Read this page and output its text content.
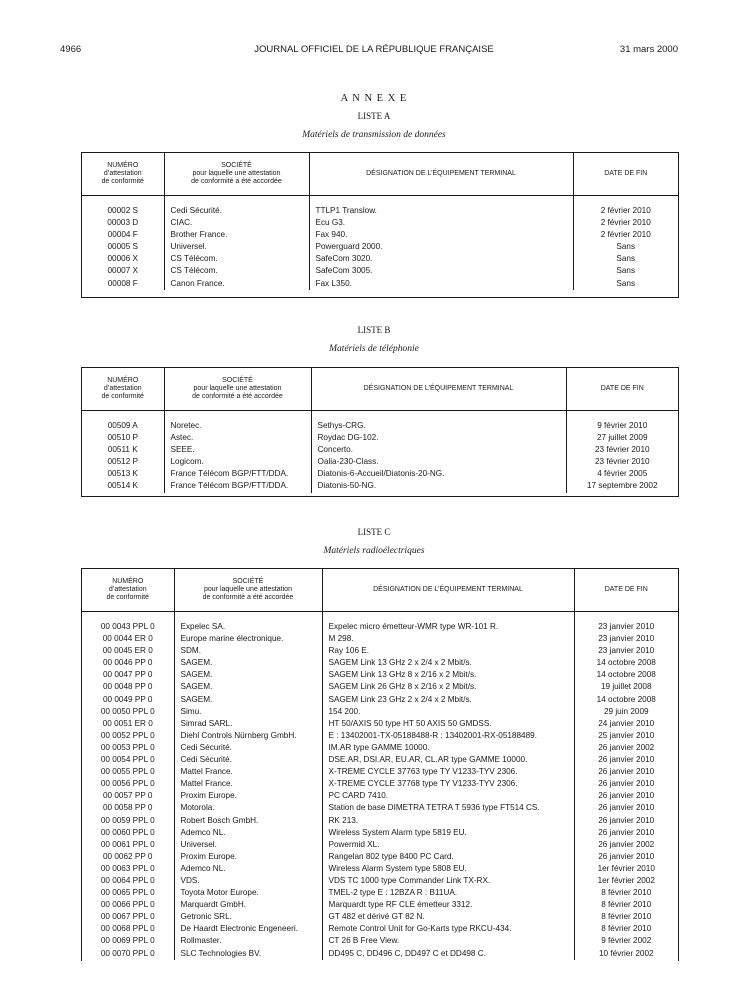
4966	JOURNAL OFFICIEL DE LA RÉPUBLIQUE FRANÇAISE	31 mars 2000
A N N E X E
LISTE A
Matériels de transmission de données
NUMÉRO
d’attestation
de conformité	SOCIÉTÉ
pour laquelle une attestation
de conformité a été accordée	DÉSIGNATION DE L’ÉQUIPEMENT TERMINAL	DATE DE FIN

00002 S	Cedi Sécurité.	TTLP1 Translow.	2 février 2010
00003 D	CIAC.	Ecu G3.	2 février 2010
00004 F	Brother France.	Fax 940.	2 février 2010
00005 S	Universel.	Powerguard 2000.	Sans
00006 X	CS Télécom.	SafeCom 3020.	Sans
00007 X	CS Télécom.	SafeCom 3005.	Sans
00008 F	Canon France.	Fax L350.	Sans
LISTE B
Matériels de téléphonie
NUMÉRO
d’attestation
de conformité	SOCIÉTÉ
pour laquelle une attestation
de conformité a été accordée	DÉSIGNATION DE L’ÉQUIPEMENT TERMINAL	DATE DE FIN

00509 A	Noretec.	Sethys-CRG.	9 février 2010
00510 P	Astec.	Roydac DG-102.	27 juillet 2009
00511 K	SEEE.	Concerto.	23 février 2010
00512 P	Logicom.	Oalia-230-Class.	23 février 2010
00513 K	France Télécom BGP/FTT/DDA.	Diatonis-6-Accueil/Diatonis-20-NG.	4 février 2005
00514 K	France Télécom BGP/FTT/DDA.	Diatonis-50-NG.	17 septembre 2002
LISTE C
Matériels radioélectriques
NUMÉRO
d’attestation
de conformité	SOCIÉTÉ
pour laquelle une attestation
de conformité a été accordée	DÉSIGNATION DE L’ÉQUIPEMENT TERMINAL	DATE DE FIN

00 0043 PPL 0	Expelec SA.	Expelec micro émetteur-WMR type WR-101 R.	23 janvier 2010
00 0044 ER 0	Europe marine électronique.	M 298.	23 janvier 2010
00 0045 ER 0	SDM.	Ray 106 E.	23 janvier 2010
00 0046 PP 0	SAGEM.	SAGEM Link 13 GHz 2 x 2/4 x 2 Mbit/s.	14 octobre 2008
00 0047 PP 0	SAGEM.	SAGEM Link 13 GHz 8 x 2/16 x 2 Mbit/s.	14 octobre 2008
00 0048 PP 0	SAGEM.	SAGEM Link 26 GHz 8 x 2/16 x 2 Mbit/s.	19 juillet 2008
00 0049 PP 0	SAGEM.	SAGEM Link 23 GHz 2 x 2/4 x 2 Mbit/s.	14 octobre 2008
00 0050 PPL 0	Simu.	154 200.	29 juin 2009
00 0051 ER 0	Simrad SARL.	HT 50/AXIS 50 type HT 50 AXIS 50 GMDSS.	24 janvier 2010
00 0052 PPL 0	Diehl Controls Nürnberg GmbH.	E : 13402001-TX-05188488-R : 13402001-RX-05188489.	25 janvier 2010
00 0053 PPL 0	Cedi Sécurité.	IM.AR type GAMME 10000.	26 janvier 2002
00 0054 PPL 0	Cedi Sécurité.	DSE.AR, DSI.AR, EU.AR, CL.AR type GAMME 10000.	26 janvier 2010
00 0055 PPL 0	Mattel France.	X-TREME CYCLE 37763 type TY V1233-TYV 2306.	26 janvier 2010
00 0056 PPL 0	Mattel France.	X-TREME CYCLE 37768 type TY V1233-TYV 2306.	26 janvier 2010
00 0057 PP 0	Proxim Europe.	PC CARD 7410.	26 janvier 2010
00 0058 PP 0	Motorola.	Station de base DIMETRA TETRA T 5936 type FT514 CS.	26 janvier 2010
00 0059 PPL 0	Robert Bosch GmbH.	RK 213.	26 janvier 2010
00 0060 PPL 0	Ademco NL.	Wireless System Alarm type 5819 EU.	26 janvier 2010
00 0061 PPL 0	Universel.	Powermid XL.	26 janvier 2002
00 0062 PP 0	Proxim Europe.	Rangelan 802 type 8400 PC Card.	26 janvier 2010
00 0063 PPL 0	Ademco NL.	Wireless Alarm System type 5808 EU.	1er février 2010
00 0064 PPL 0	VDS.	VDS TC 1000 type Commander Link TX-RX.	1er février 2002
00 0065 PPL 0	Toyota Motor Europe.	TMEL-2 type E : 12BZA R : B11UA.	8 février 2010
00 0066 PPL 0	Marquardt GmbH.	Marquardt type RF CLE émetteur 3312.	8 février 2010
00 0067 PPL 0	Getronic SRL.	GT 482 et dérivé GT 82 N.	8 février 2010
00 0068 PPL 0	De Haardt Electronic Engeneeri.	Remote Control Unit for Go-Karts type RKCU-434.	8 février 2010
00 0069 PPL 0	Rollmaster.	CT 26 B Free View.	9 février 2002
00 0070 PPL 0	SLC Technologies BV.	DD495 C, DD496 C, DD497 C et DD498 C.	10 février 2002
